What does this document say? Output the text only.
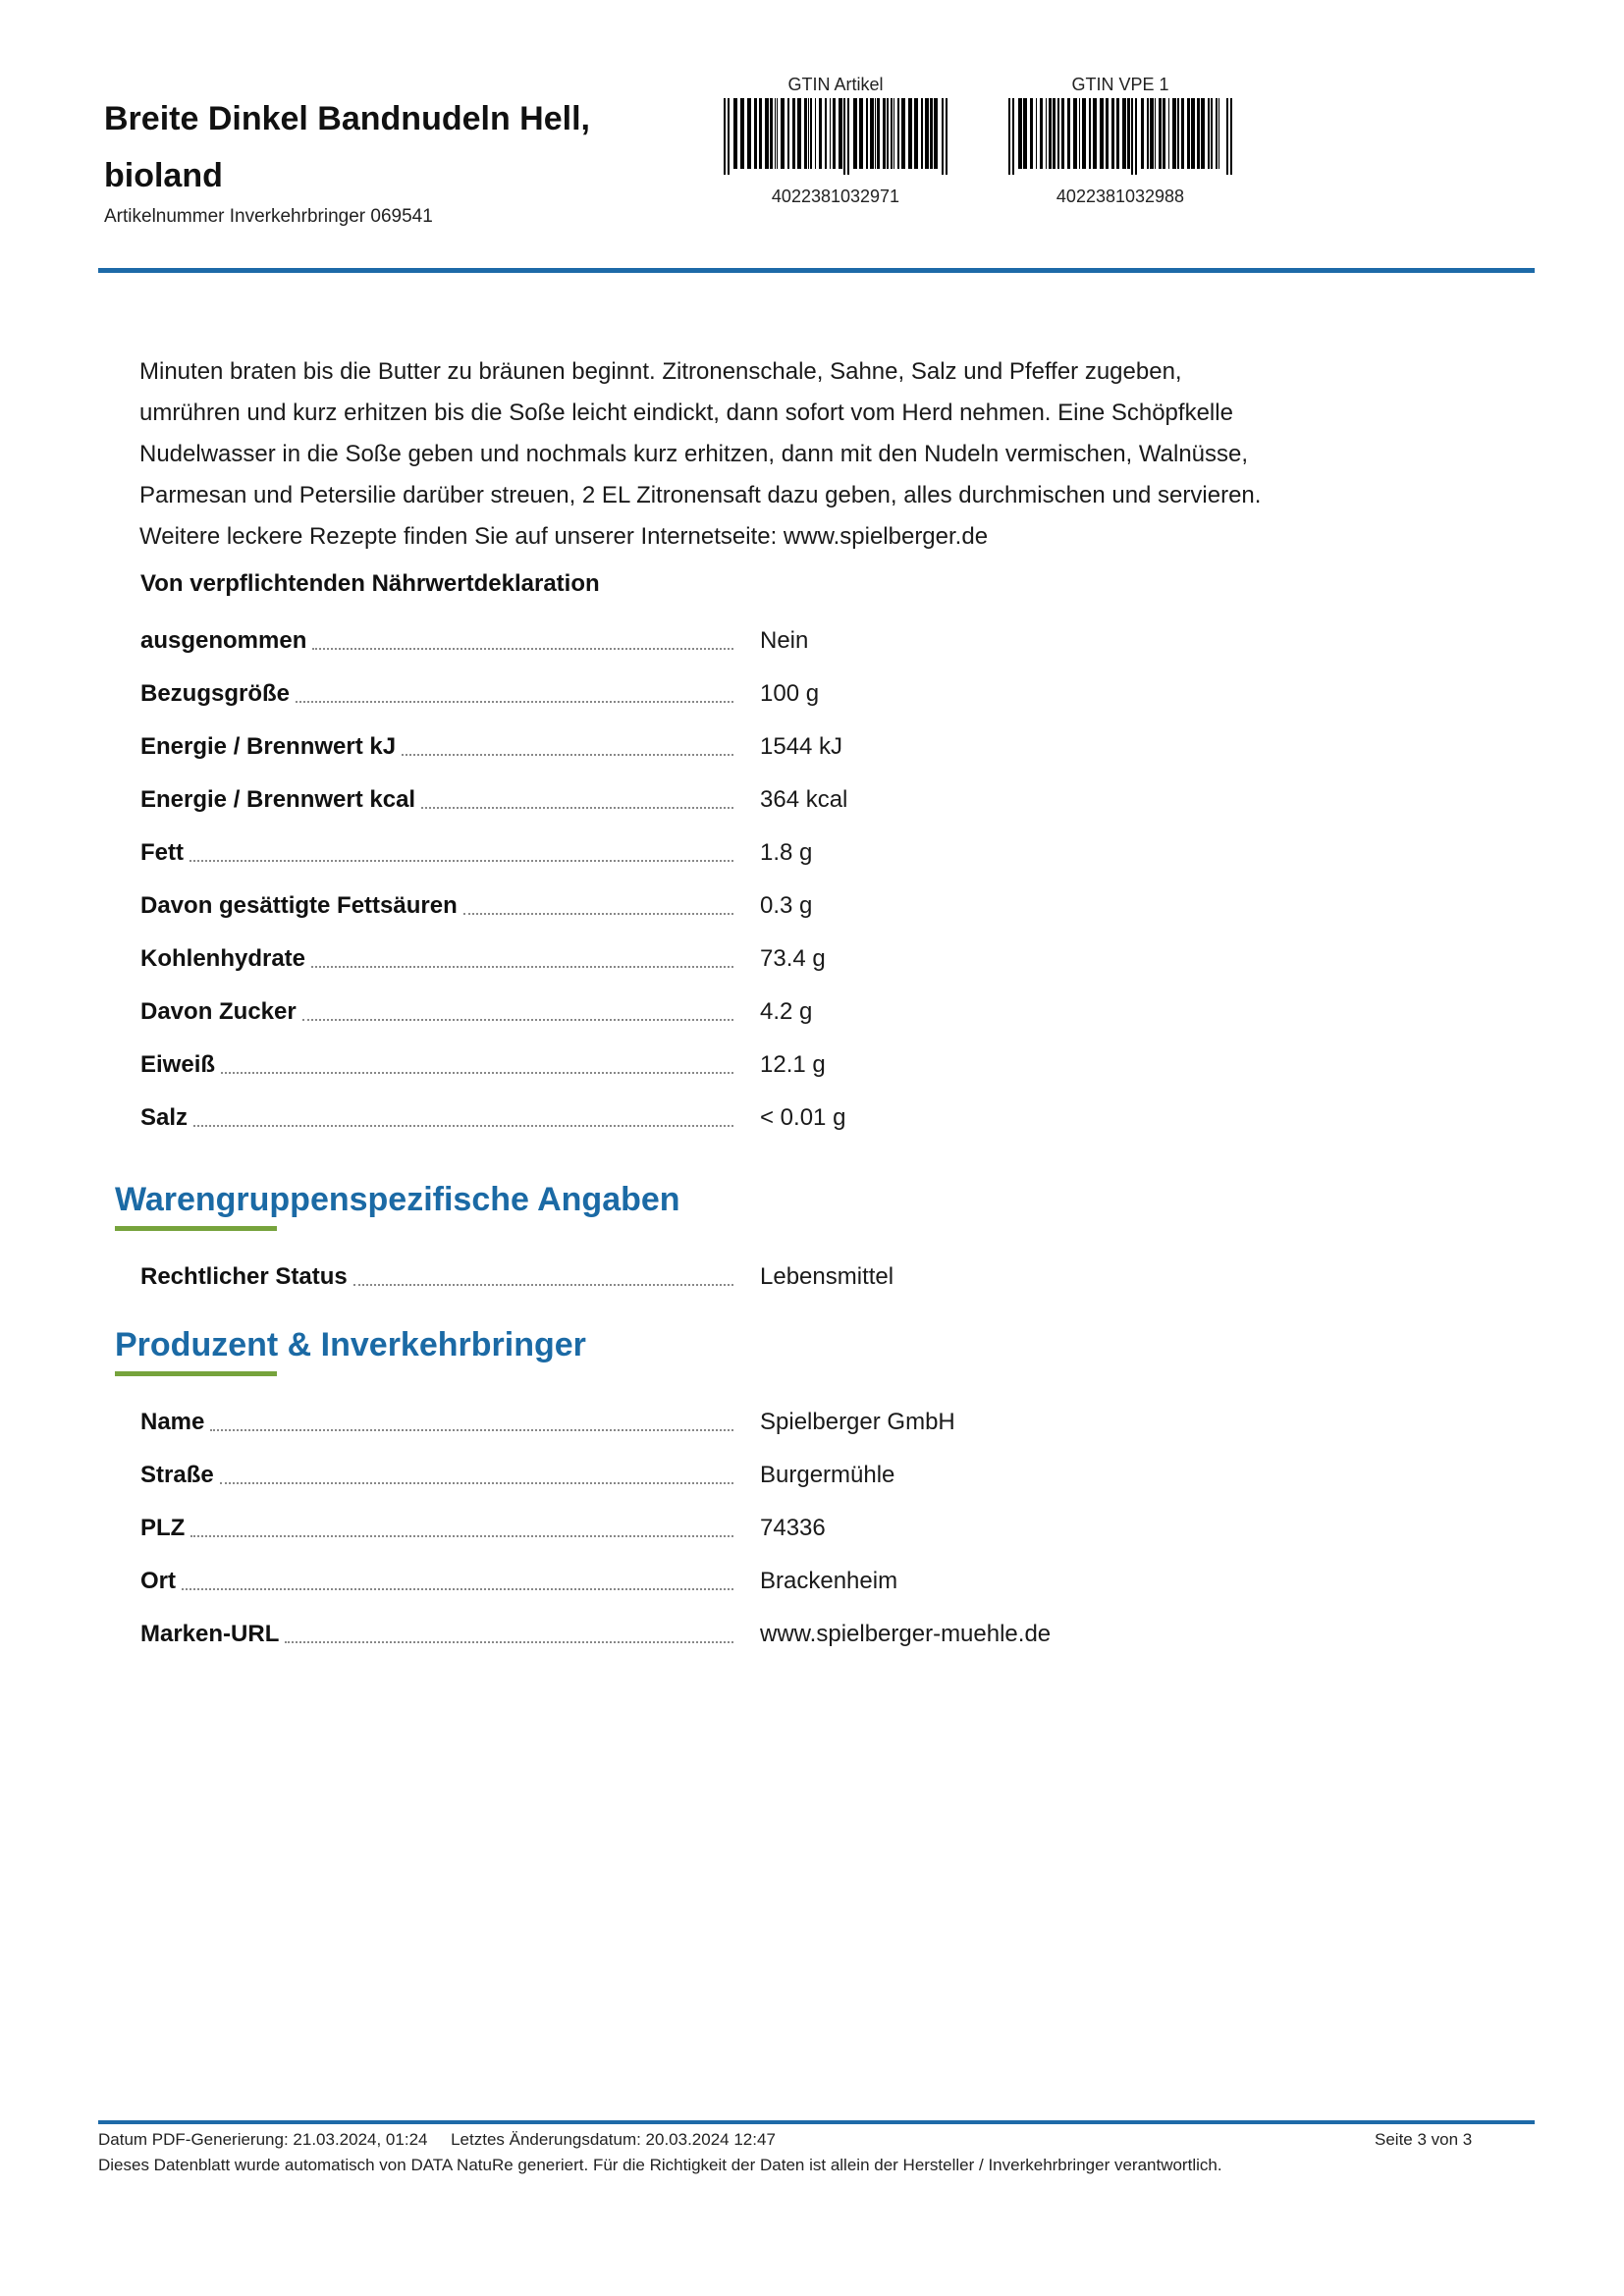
Breite Dinkel Bandnudeln Hell,
bioland
Artikelnummer Inverkehrbringer 069541
GTIN Artikel
4022381032971
GTIN VPE 1
4022381032988

Minuten braten bis die Butter zu bräunen beginnt. Zitronenschale, Sahne, Salz und Pfeffer zugeben,

umrühren und kurz erhitzen bis die Soße leicht eindickt, dann sofort vom Herd nehmen. Eine Schöpfkelle

Nudelwasser in die Soße geben und nochmals kurz erhitzen, dann mit den Nudeln vermischen, Walnüsse,

Parmesan und Petersilie darüber streuen, 2 EL Zitronensaft dazu geben, alles durchmischen und servieren.

Weitere leckere Rezepte finden Sie auf unserer Internetseite: www.spielberger.de

Von verpflichtenden Nährwertdeklaration
ausgenommen	Nein
Bezugsgröße	100 g
Energie / Brennwert kJ	1544 kJ
Energie / Brennwert kcal	364 kcal
Fett	1.8 g
Davon gesättigte Fettsäuren	0.3 g
Kohlenhydrate	73.4 g
Davon Zucker	4.2 g
Eiweiß	12.1 g
Salz	< 0.01 g
Warengruppenspezifische Angaben
Rechtlicher Status	Lebensmittel
Produzent & Inverkehrbringer
Name	Spielberger GmbH
Straße	Burgermühle
PLZ	74336
Ort	Brackenheim
Marken-URL	www.spielberger-muehle.de
Datum PDF-Generierung: 21.03.2024, 01:24     Letztes Änderungsdatum: 20.03.2024 12:47	Seite 3 von 3
Dieses Datenblatt wurde automatisch von DATA NatuRe generiert. Für die Richtigkeit der Daten ist allein der Hersteller / Inverkehrbringer verantwortlich.
